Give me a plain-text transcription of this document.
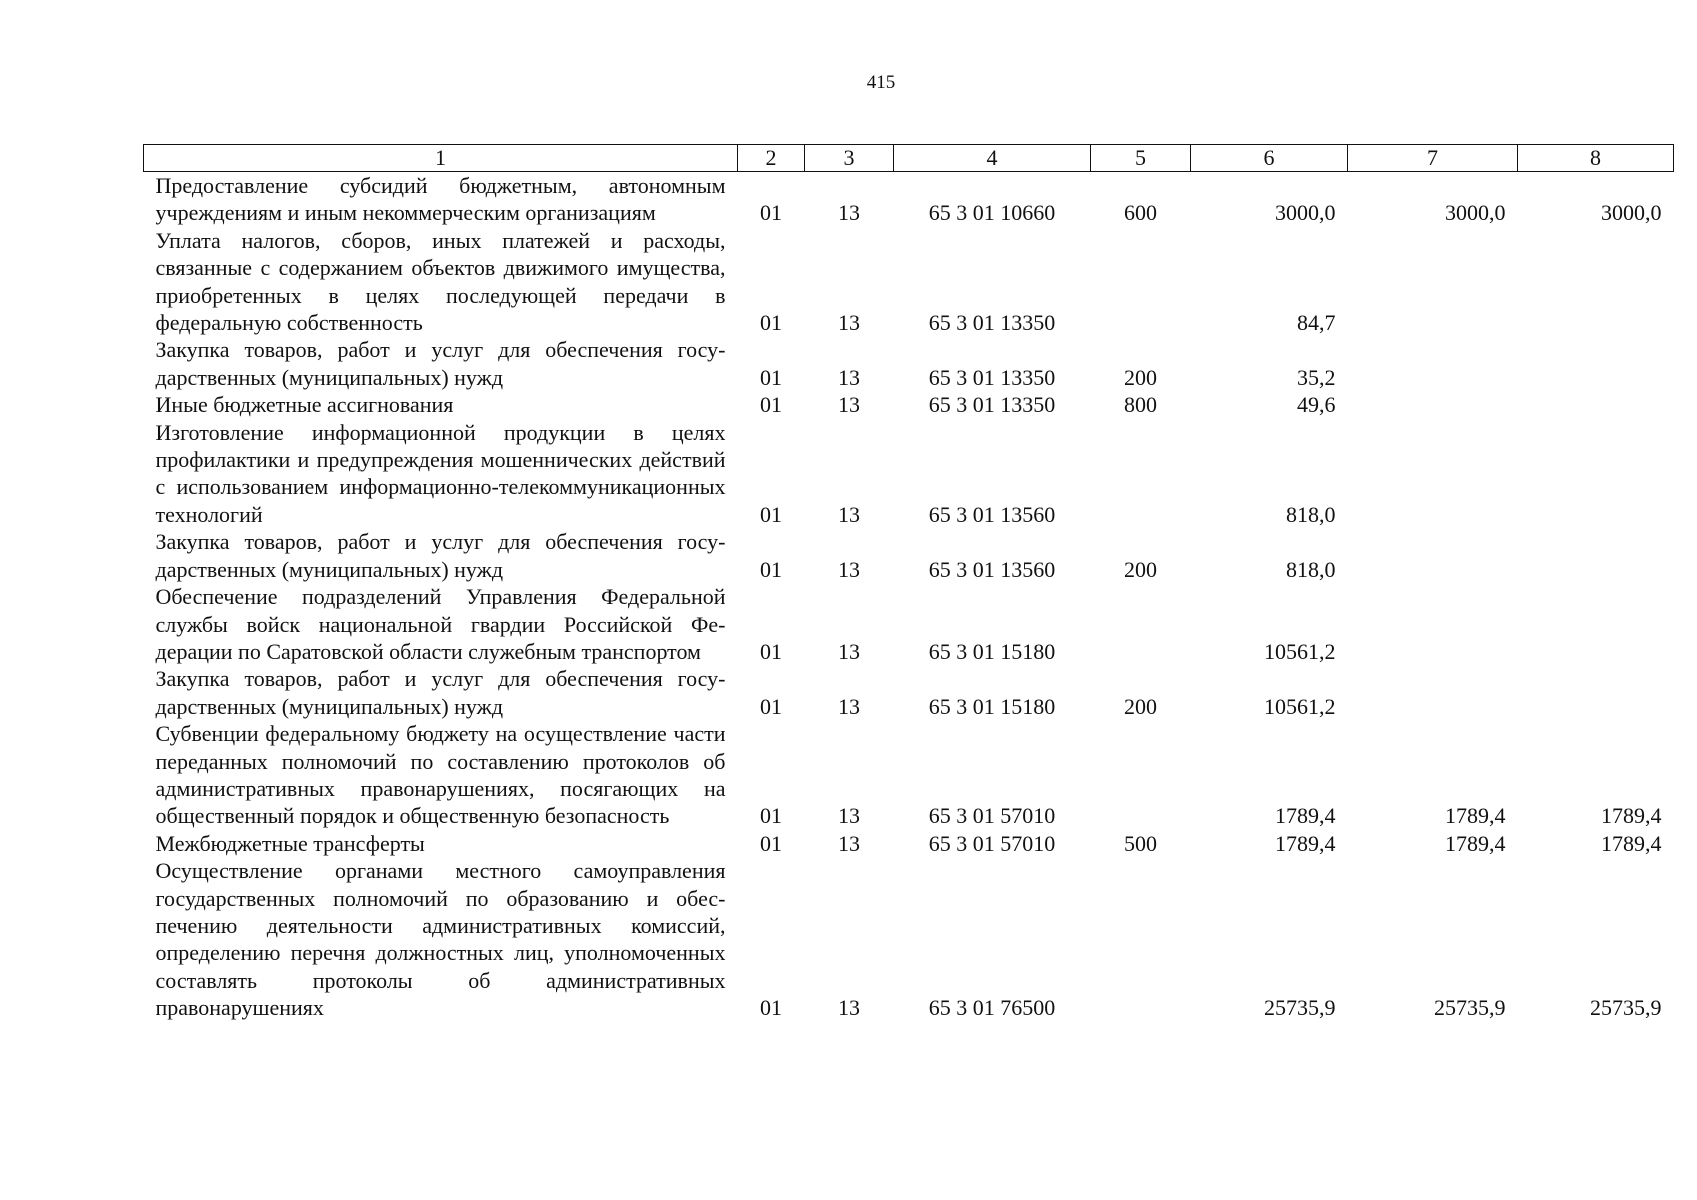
415
1	2	3	4	5	6	7	8
Предоставление субсидий бюджетным, автономным учреждениям и иным некоммерческим организациям	01	13	65 3 01 10660	600	3000,0	3000,0	3000,0
Уплата налогов, сборов, иных платежей и расходы, связанные с содержанием объектов движимого имущества, приобретенных в целях последующей передачи в федеральную собственность	01	13	65 3 01 13350		84,7		
Закупка товаров, работ и услуг для обеспечения государственных (муниципальных) нужд	01	13	65 3 01 13350	200	35,2		
Иные бюджетные ассигнования	01	13	65 3 01 13350	800	49,6		
Изготовление информационной продукции в целях профилактики и предупреждения мошеннических действий с использованием информационно-телекоммуникационных технологий	01	13	65 3 01 13560		818,0		
Закупка товаров, работ и услуг для обеспечения государственных (муниципальных) нужд	01	13	65 3 01 13560	200	818,0		
Обеспечение подразделений Управления Федеральной службы войск национальной гвардии Российской Федерации по Саратовской области служебным транспортом	01	13	65 3 01 15180		10561,2		
Закупка товаров, работ и услуг для обеспечения государственных (муниципальных) нужд	01	13	65 3 01 15180	200	10561,2		
Субвенции федеральному бюджету на осуществление части переданных полномочий по составлению протоколов об административных правонарушениях, посягающих на общественный порядок и общественную безопасность	01	13	65 3 01 57010		1789,4	1789,4	1789,4
Межбюджетные трансферты	01	13	65 3 01 57010	500	1789,4	1789,4	1789,4
Осуществление органами местного самоуправления государственных полномочий по образованию и обеспечению деятельности административных комиссий, определению перечня должностных лиц, уполномоченных составлять протоколы об административных правонарушениях	01	13	65 3 01 76500		25735,9	25735,9	25735,9
